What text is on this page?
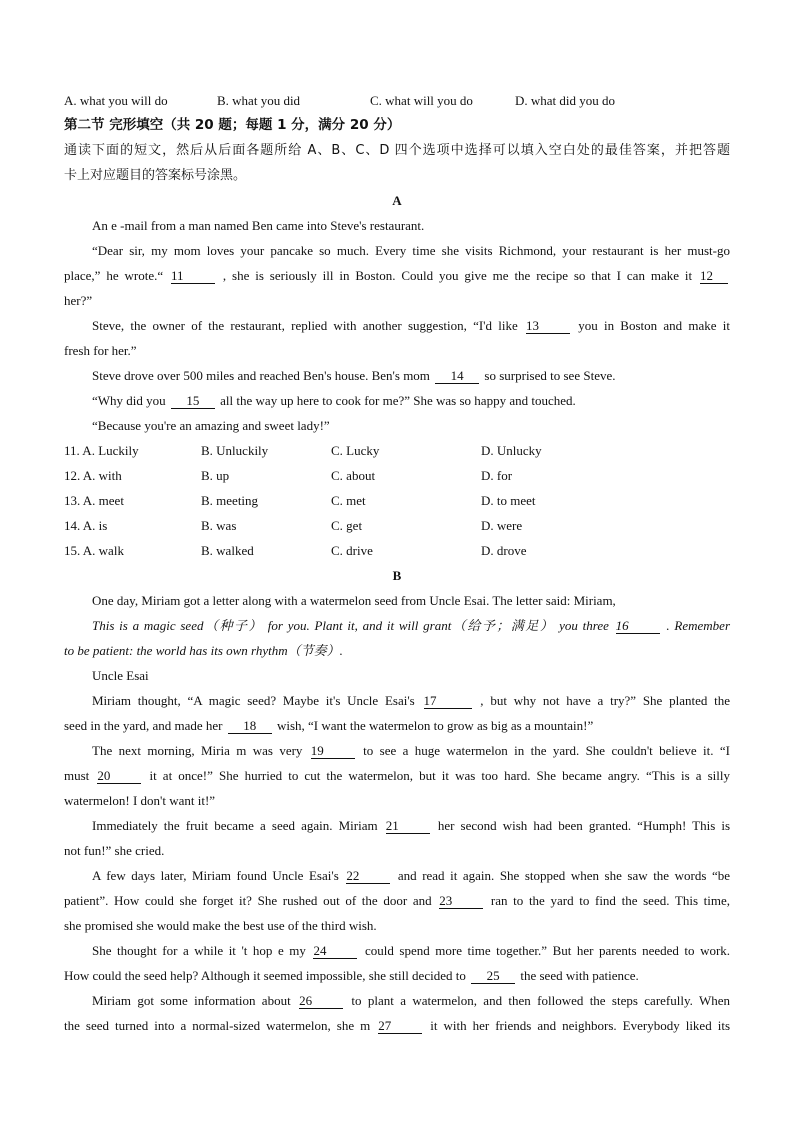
A. what you will do	B. what you did	C. what will you do	D. what did you do
第二节 完形填空（共 20 题；每题 1 分，满分 20 分）
通读下面的短文，然后从后面各题所给 A、B、C、D 四个选项中选择可以填入空白处的最佳答案，并把答题
卡上对应题目的答案标号涂黑。
A
An e -mail from a man named Ben came into Steve's restaurant.
“Dear sir, my mom loves your pancake so much. Every time she visits Richmond, your restaurant is her must-go
place,” he wrote.“ 11	, she is seriously ill in Boston. Could you give me the recipe so that I can make it 12
her?”
Steve, the owner of the restaurant, replied with another suggestion, “I'd like 13	you in Boston and make it
fresh for her.”
Steve drove over 500 miles and reached Ben's house. Ben's mom 14 so surprised to see Steve.
“Why did you 15 all the way up here to cook for me?” She was so happy and touched.
“Because you're an amazing and sweet lady!”
11. A. Luckily	B. Unluckily	C. Lucky	D. Unlucky
12. A. with	B. up	C. about	D. for
13. A. meet	B. meeting	C. met	D. to meet
14. A. is	B. was	C. get	D. were
15. A. walk	B. walked	C. drive	D. drove
B
One day, Miriam got a letter along with a watermelon seed from Uncle Esai. The letter said: Miriam,
This is a magic seed（种子） for you. Plant it, and it will grant（给予；满足） you three 16	. Remember
to be patient: the world has its own rhythm（节奏）.
Uncle Esai
Miriam thought, “A magic seed? Maybe it's Uncle Esai's 17	, but why not have a try?” She planted the
seed in the yard, and made her 18 wish, “I want the watermelon to grow as big as a mountain!”
The next morning, Miria m was very 19	to see a huge watermelon in the yard. She couldn't believe it. “I
must 20	it at once!” She hurried to cut the watermelon, but it was too hard. She became angry. “This is a silly
watermelon! I don't want it!”
Immediately the fruit became a seed again. Miriam 21	her second wish had been granted. “Humph! This is
not fun!” she cried.
A few days later, Miriam found Uncle Esai's 22	and read it again. She stopped when she saw the words “be
patient”. How could she forget it? She rushed out of the door and 23	ran to the yard to find the seed. This time,
she promised she would make the best use of the third wish.
She thought for a while it 't hop e my 24	could spend more time together.” But her parents needed to work.
How could the seed help? Although it seemed impossible, she still decided to 25 the seed with patience.
Miriam got some information about 26	to plant a watermelon, and then followed the steps carefully. When
the seed turned into a normal-sized watermelon, she m 27	it with her friends and neighbors. Everybody liked its
